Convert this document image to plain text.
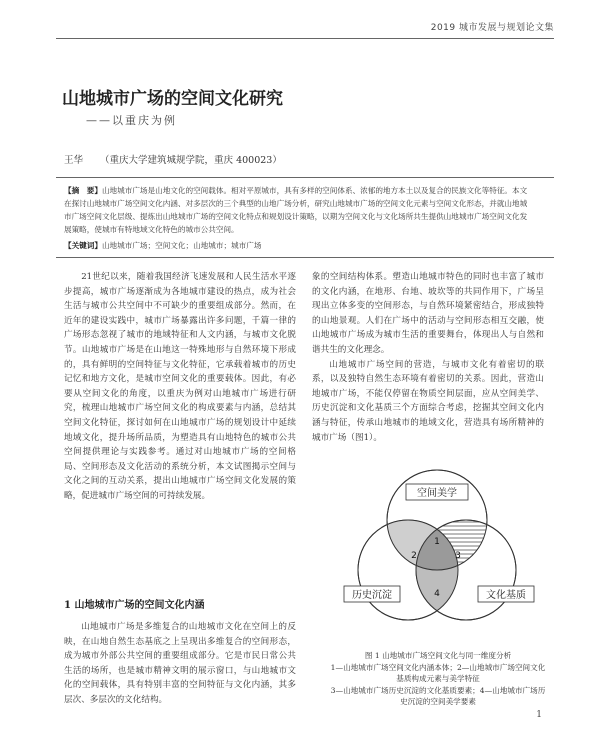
2019 城市发展与规划论文集
山地城市广场的空间文化研究
——以重庆为例
王华 （重庆大学建筑城规学院，重庆 400023）
【摘　要】山地城市广场是山地文化的空间载体。相对平原城市，具有多样的空间体系、浓郁的地方本土以及复合的民族文化等特征。本文在探讨山地城市广场空间文化内涵、对多层次的三个典型的山地广场分析，研究山地城市广场的空间文化元素与空间文化形态，并就山地城市广场空间文化层级、提炼出山地城市广场的空间文化特点和规划设计策略，以期为空间文化与文化场所共生提供山地城市广场空间文化发展策略，使城市有特地域文化特色的城市公共空间。
【关键词】山地城市广场；空间文化；山地城市；城市广场

21世纪以来，随着我国经济飞速发展和人民生活水平逐步提高，城市广场逐渐成为各地城市建设的热点，成为社会生活与城市公共空间中不可缺少的重要组成部分。然而，在近年的建设实践中，城市广场暴露出许多问题，千篇一律的广场形态忽视了城市的地域特征和人文内涵，与城市文化脱节。山地城市广场是在山地这一特殊地形与自然环境下形成的，具有鲜明的空间特征与文化特征，它承载着城市的历史记忆和地方文化，是城市空间文化的重要载体。因此，有必要从空间文化的角度，以重庆为例对山地城市广场进行研究，梳理山地城市广场空间文化的构成要素与内涵，总结其空间文化特征，探讨如何在山地城市广场的规划设计中延续地域文化，提升场所品质，为塑造具有山地特色的城市公共空间提供理论与实践参考。通过对山地城市广场的空间格局、空间形态及文化活动的系统分析，本文试图揭示空间与文化之间的互动关系，提出山地城市广场空间文化发展的策略，促进城市广场空间的可持续发展。

1 山地城市广场的空间文化内涵

山地城市广场是多维复合的山地城市文化在空间上的反映，在山地自然生态基底之上呈现出多维复合的空间形态，成为城市外部公共空间的重要组成部分。它是市民日常公共生活的场所，也是城市精神文明的展示窗口，与山地城市文化的空间载体，具有特别丰富的空间特征与文化内涵，其多层次、多层次的文化结构。

象的空间结构体系。塑造山地城市特色的同时也丰富了城市的文化内涵，在地形、台地、坡坎等的共同作用下，广场呈现出立体多变的空间形态，与自然环境紧密结合，形成独特的山地景观。人们在广场中的活动与空间形态相互交融，使山地城市广场成为城市生活的重要舞台，体现出人与自然和谐共生的文化理念。

山地城市广场空间的营造，与城市文化有着密切的联系，以及独特自然生态环境有着密切的关系。因此，营造山地城市广场，不能仅停留在物质空间层面，应从空间美学、历史沉淀和文化基质三个方面综合考虑，挖掘其空间文化内涵与特征，传承山地城市的地域文化，营造具有场所精神的城市广场（图1）。

空间美学
历史沉淀	文化基质
1
2	3
4
图 1 山地城市广场空间文化与同一维度分析
1—山地城市广场空间文化内涵本体；2—山地城市广场空间文化基质构成元素与美学特征
3—山地城市广场历史沉淀的文化基质要素；4—山地城市广场历史沉淀的空间美学要素
1
